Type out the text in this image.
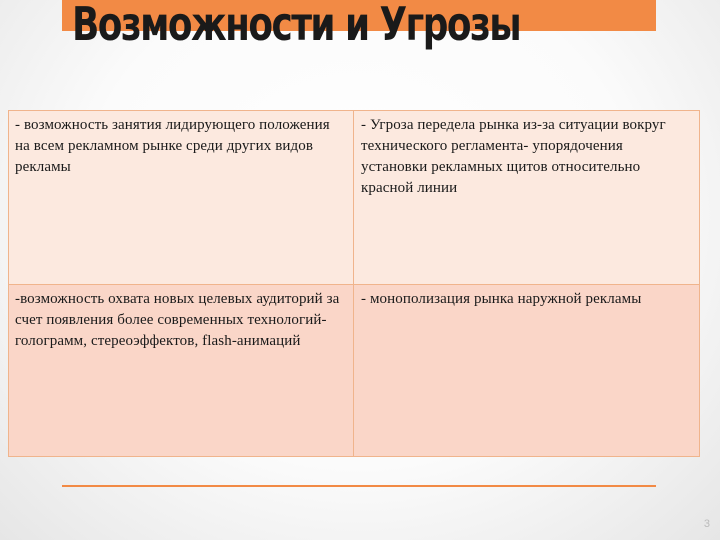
Возможности и Угрозы
- возможность занятия лидирующего положения на всем рекламном рынке среди других видов рекламы
- Угроза передела рынка из-за ситуации вокруг технического регламента- упорядочения установки рекламных щитов относительно красной линии
-возможность охвата новых целевых аудиторий за счет появления более современных технологий- голограмм, стереоэффектов, flash-анимаций
- монополизация рынка наружной рекламы
3
